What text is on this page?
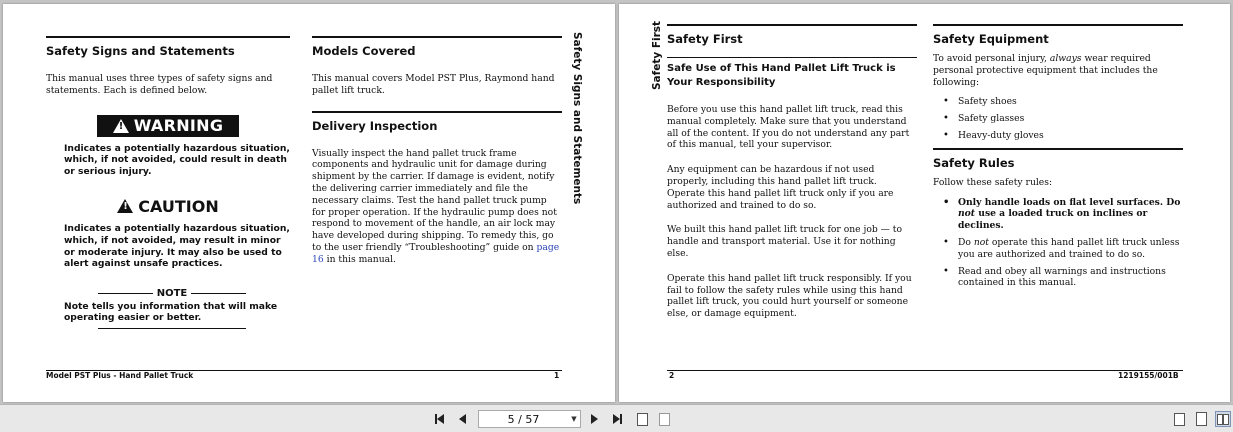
Safety Signs and Statements
This manual uses three types of safety signs and statements. Each is defined below.
!
WARNING
Indicates a potentially hazardous situation, which, if not avoided, could result in death or serious injury.
!
CAUTION
Indicates a potentially hazardous situation, which, if not avoided, may result in minor or moderate injury. It may also be used to alert against unsafe practices.
NOTE
Note tells you information that will make operating easier or better.
Models Covered
This manual covers Model PST Plus, Raymond hand pallet lift truck.
Delivery Inspection
Visually inspect the hand pallet truck frame components and hydraulic unit for damage during shipment by the carrier. If damage is evident, notify the delivering carrier immediately and file the necessary claims. Test the hand pallet truck pump for proper operation. If the hydraulic pump does not respond to movement of the handle, an air lock may have developed during shipping. To remedy this, go to the user friendly “Troubleshooting” guide on page 16 in this manual.
Safety Signs and Statements
Model PST Plus - Hand Pallet Truck	1
Safety First Safety First
Safe Use of This Hand Pallet Lift Truck is Your Responsibility
Before you use this hand pallet lift truck, read this manual completely. Make sure that you understand all of the content. If you do not understand any part of this manual, tell your supervisor.
Any equipment can be hazardous if not used properly, including this hand pallet lift truck. Operate this hand pallet lift truck only if you are authorized and trained to do so.
We built this hand pallet lift truck for one job — to handle and transport material. Use it for nothing else.
Operate this hand pallet lift truck responsibly. If you fail to follow the safety rules while using this hand pallet lift truck, you could hurt yourself or someone else, or damage equipment.
Safety Equipment
To avoid personal injury, always wear required personal protective equipment that includes the following:
• Safety shoes
• Safety glasses
• Heavy-duty gloves
Safety Rules
Follow these safety rules:
• Only handle loads on flat level surfaces. Do not use a loaded truck on inclines or declines.
• Do not operate this hand pallet lift truck unless you are authorized and trained to do so.
• Read and obey all warnings and instructions contained in this manual.
2	1219155/001B
5 / 57	▼
